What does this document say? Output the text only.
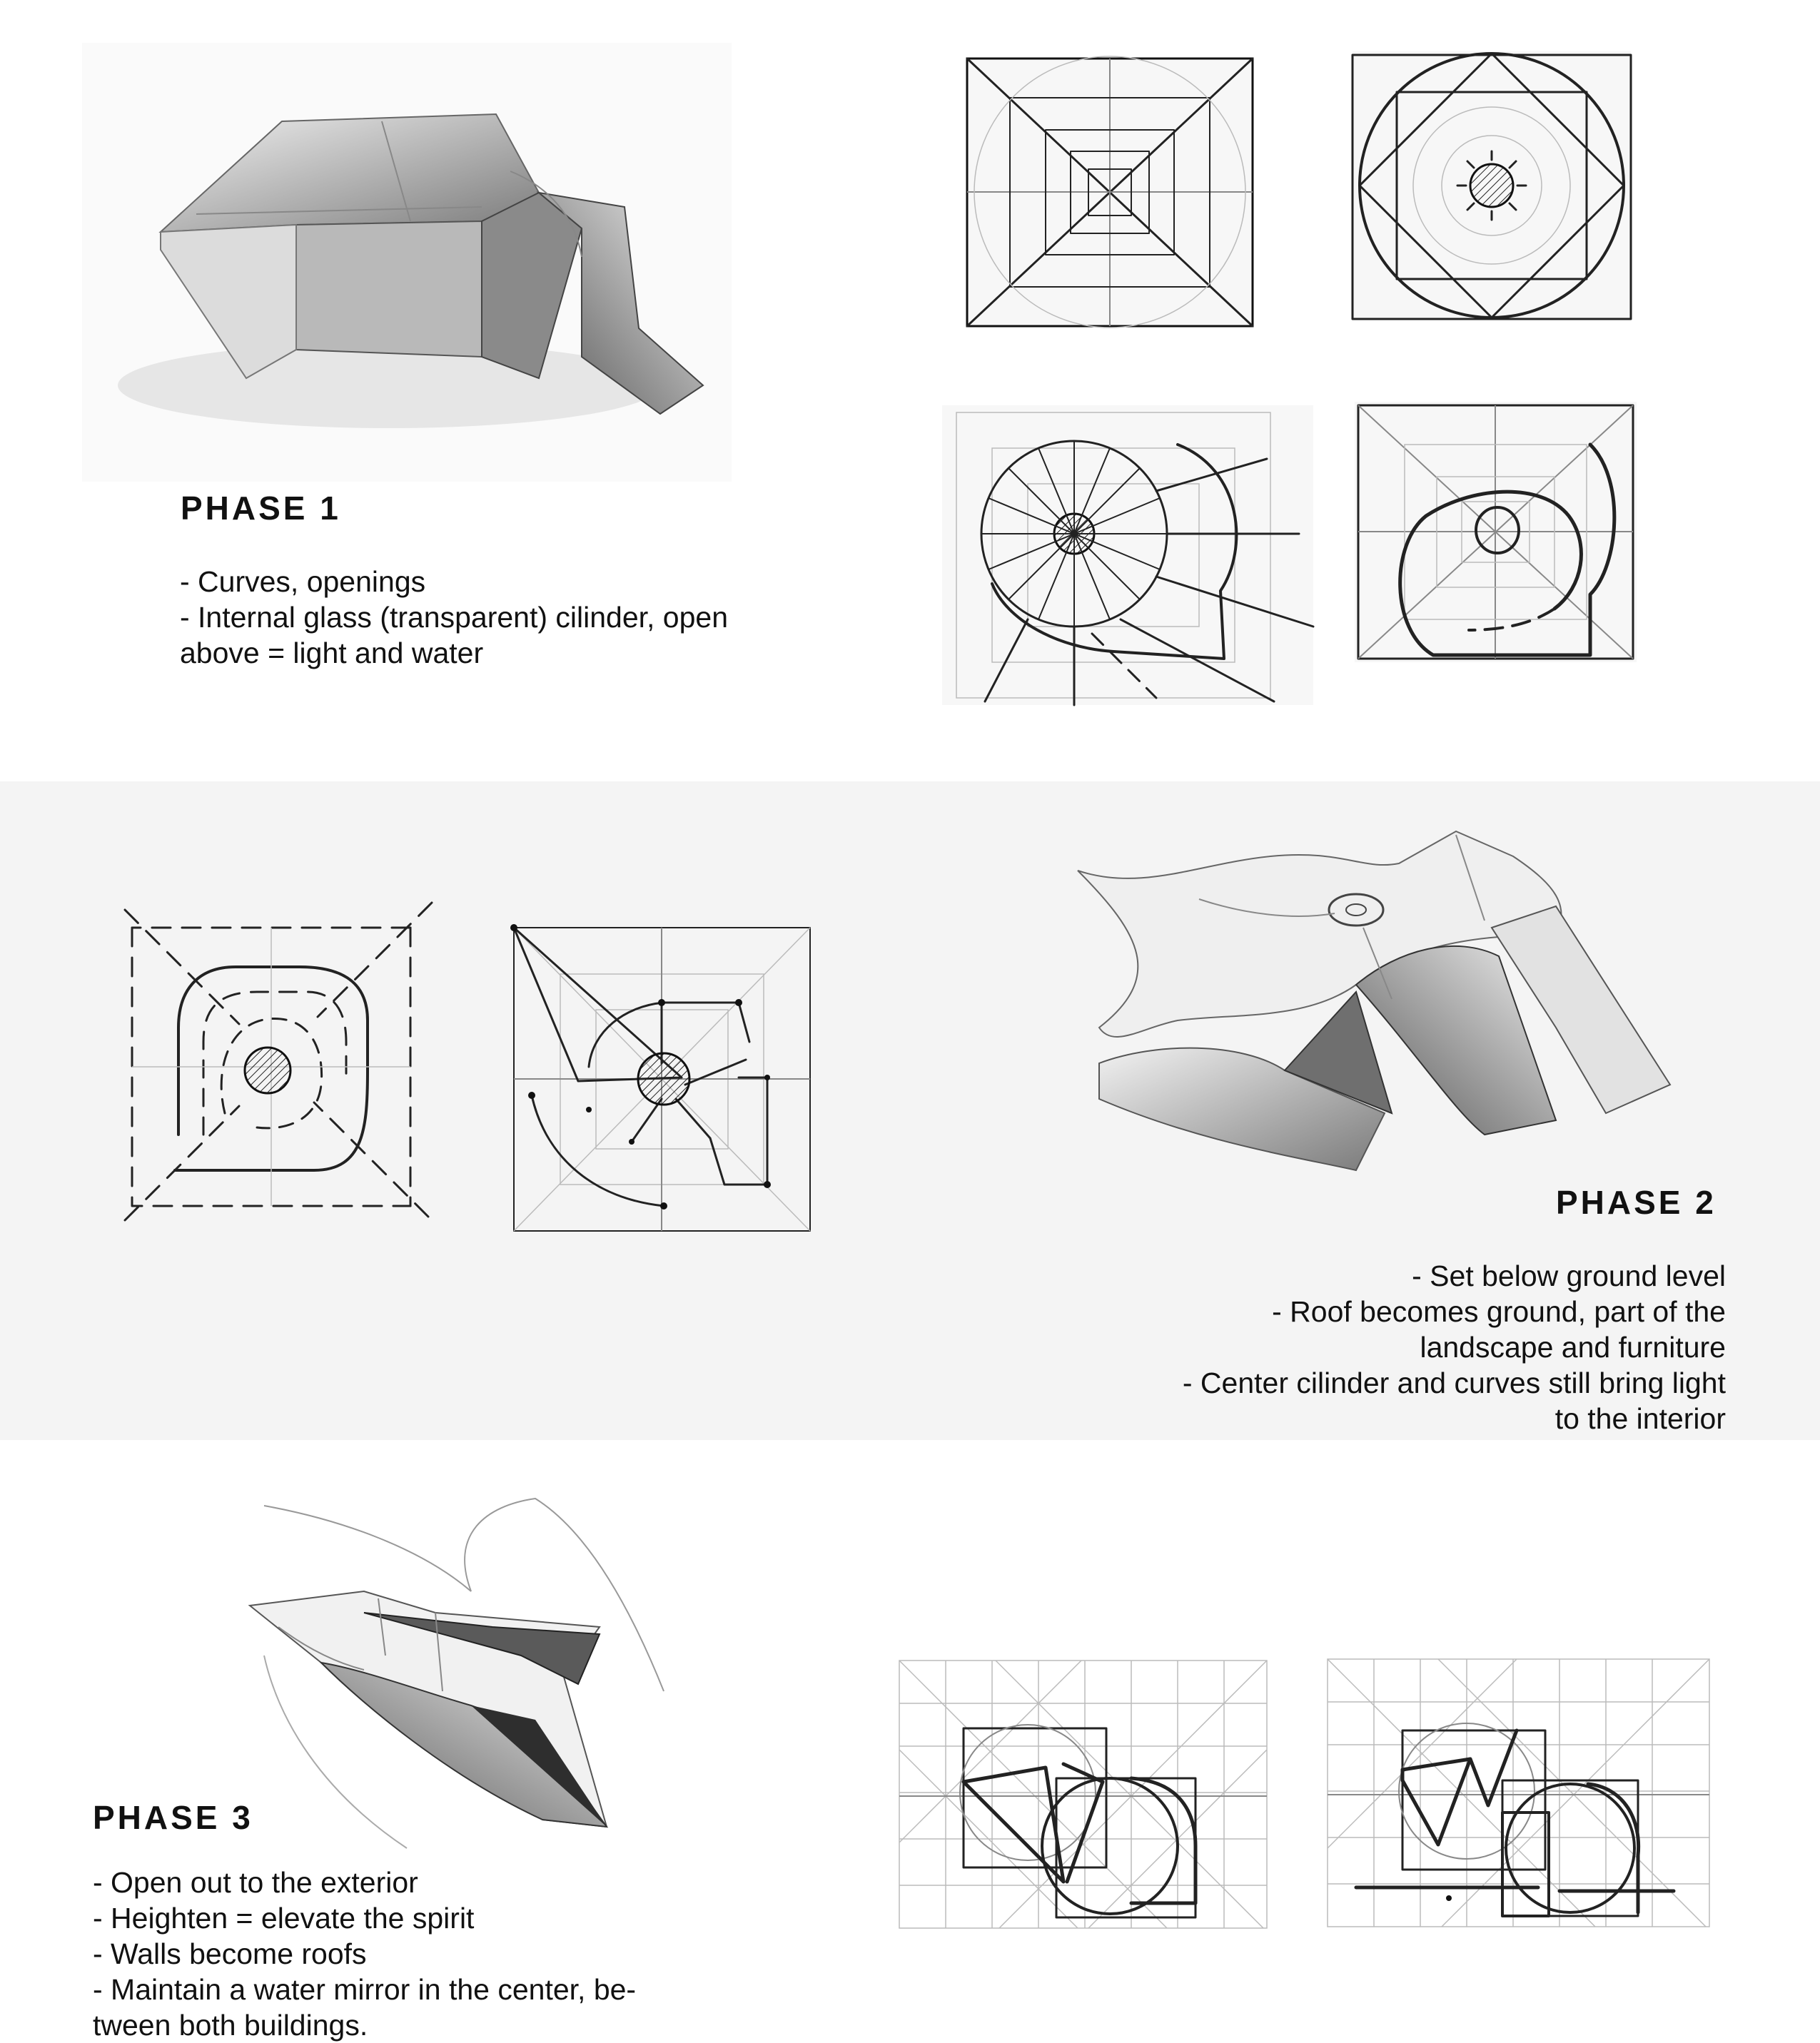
PHASE 1
- Curves, openings
- Internal glass (transparent) cilinder, open
above = light and water
PHASE 2
- Set below ground level
- Roof becomes ground, part of the
landscape and furniture
- Center cilinder and curves still bring light
to the interior
PHASE 3
- Open out to the exterior
- Heighten = elevate the spirit
- Walls become roofs
- Maintain a water mirror in the center, be-
tween both buildings.
